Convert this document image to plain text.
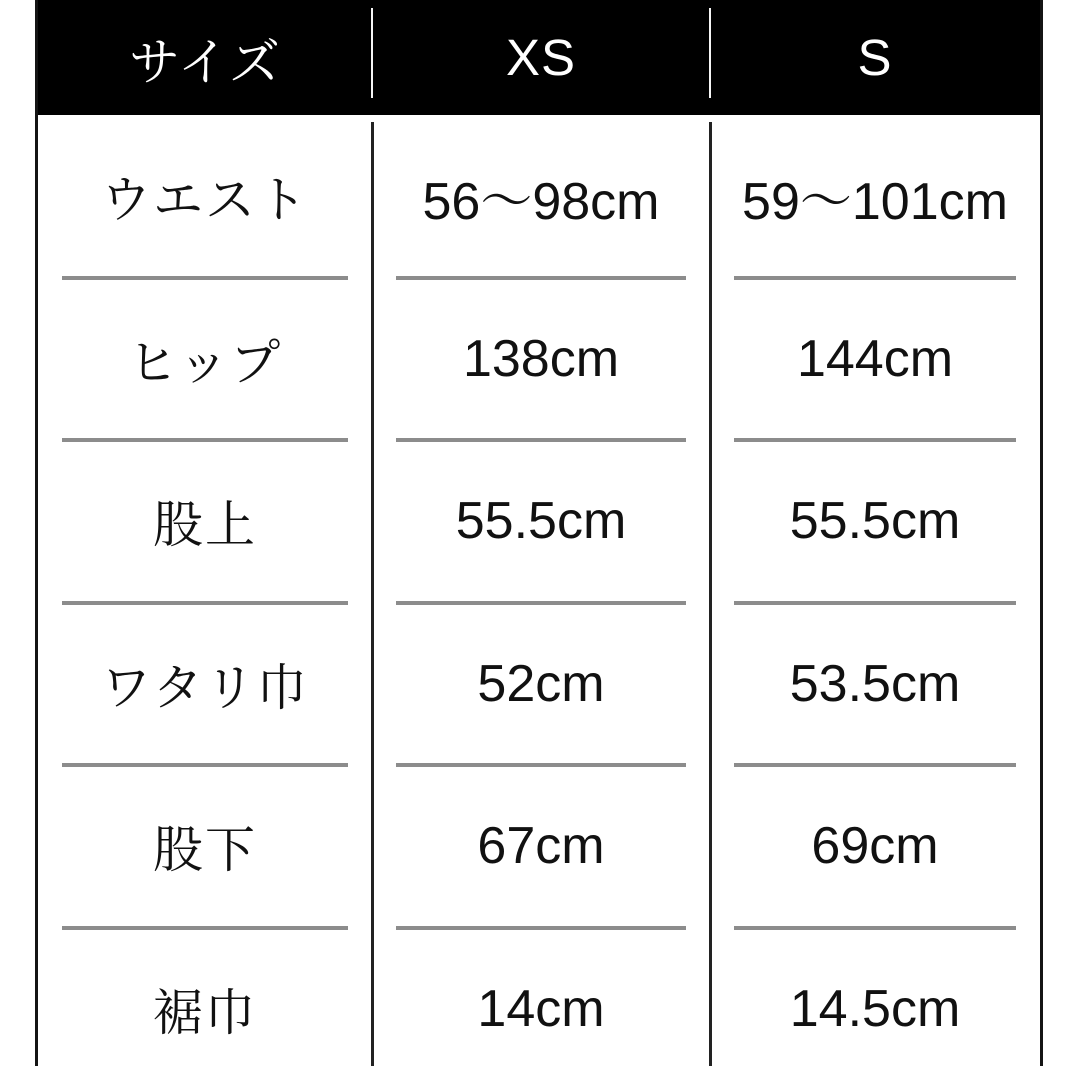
サイズ	XS	S
ウエスト	56〜98cm	59〜101cm
ヒップ	138cm	144cm
股上	55.5cm	55.5cm
ワタリ巾	52cm	53.5cm
股下	67cm	69cm
裾巾	14cm	14.5cm
